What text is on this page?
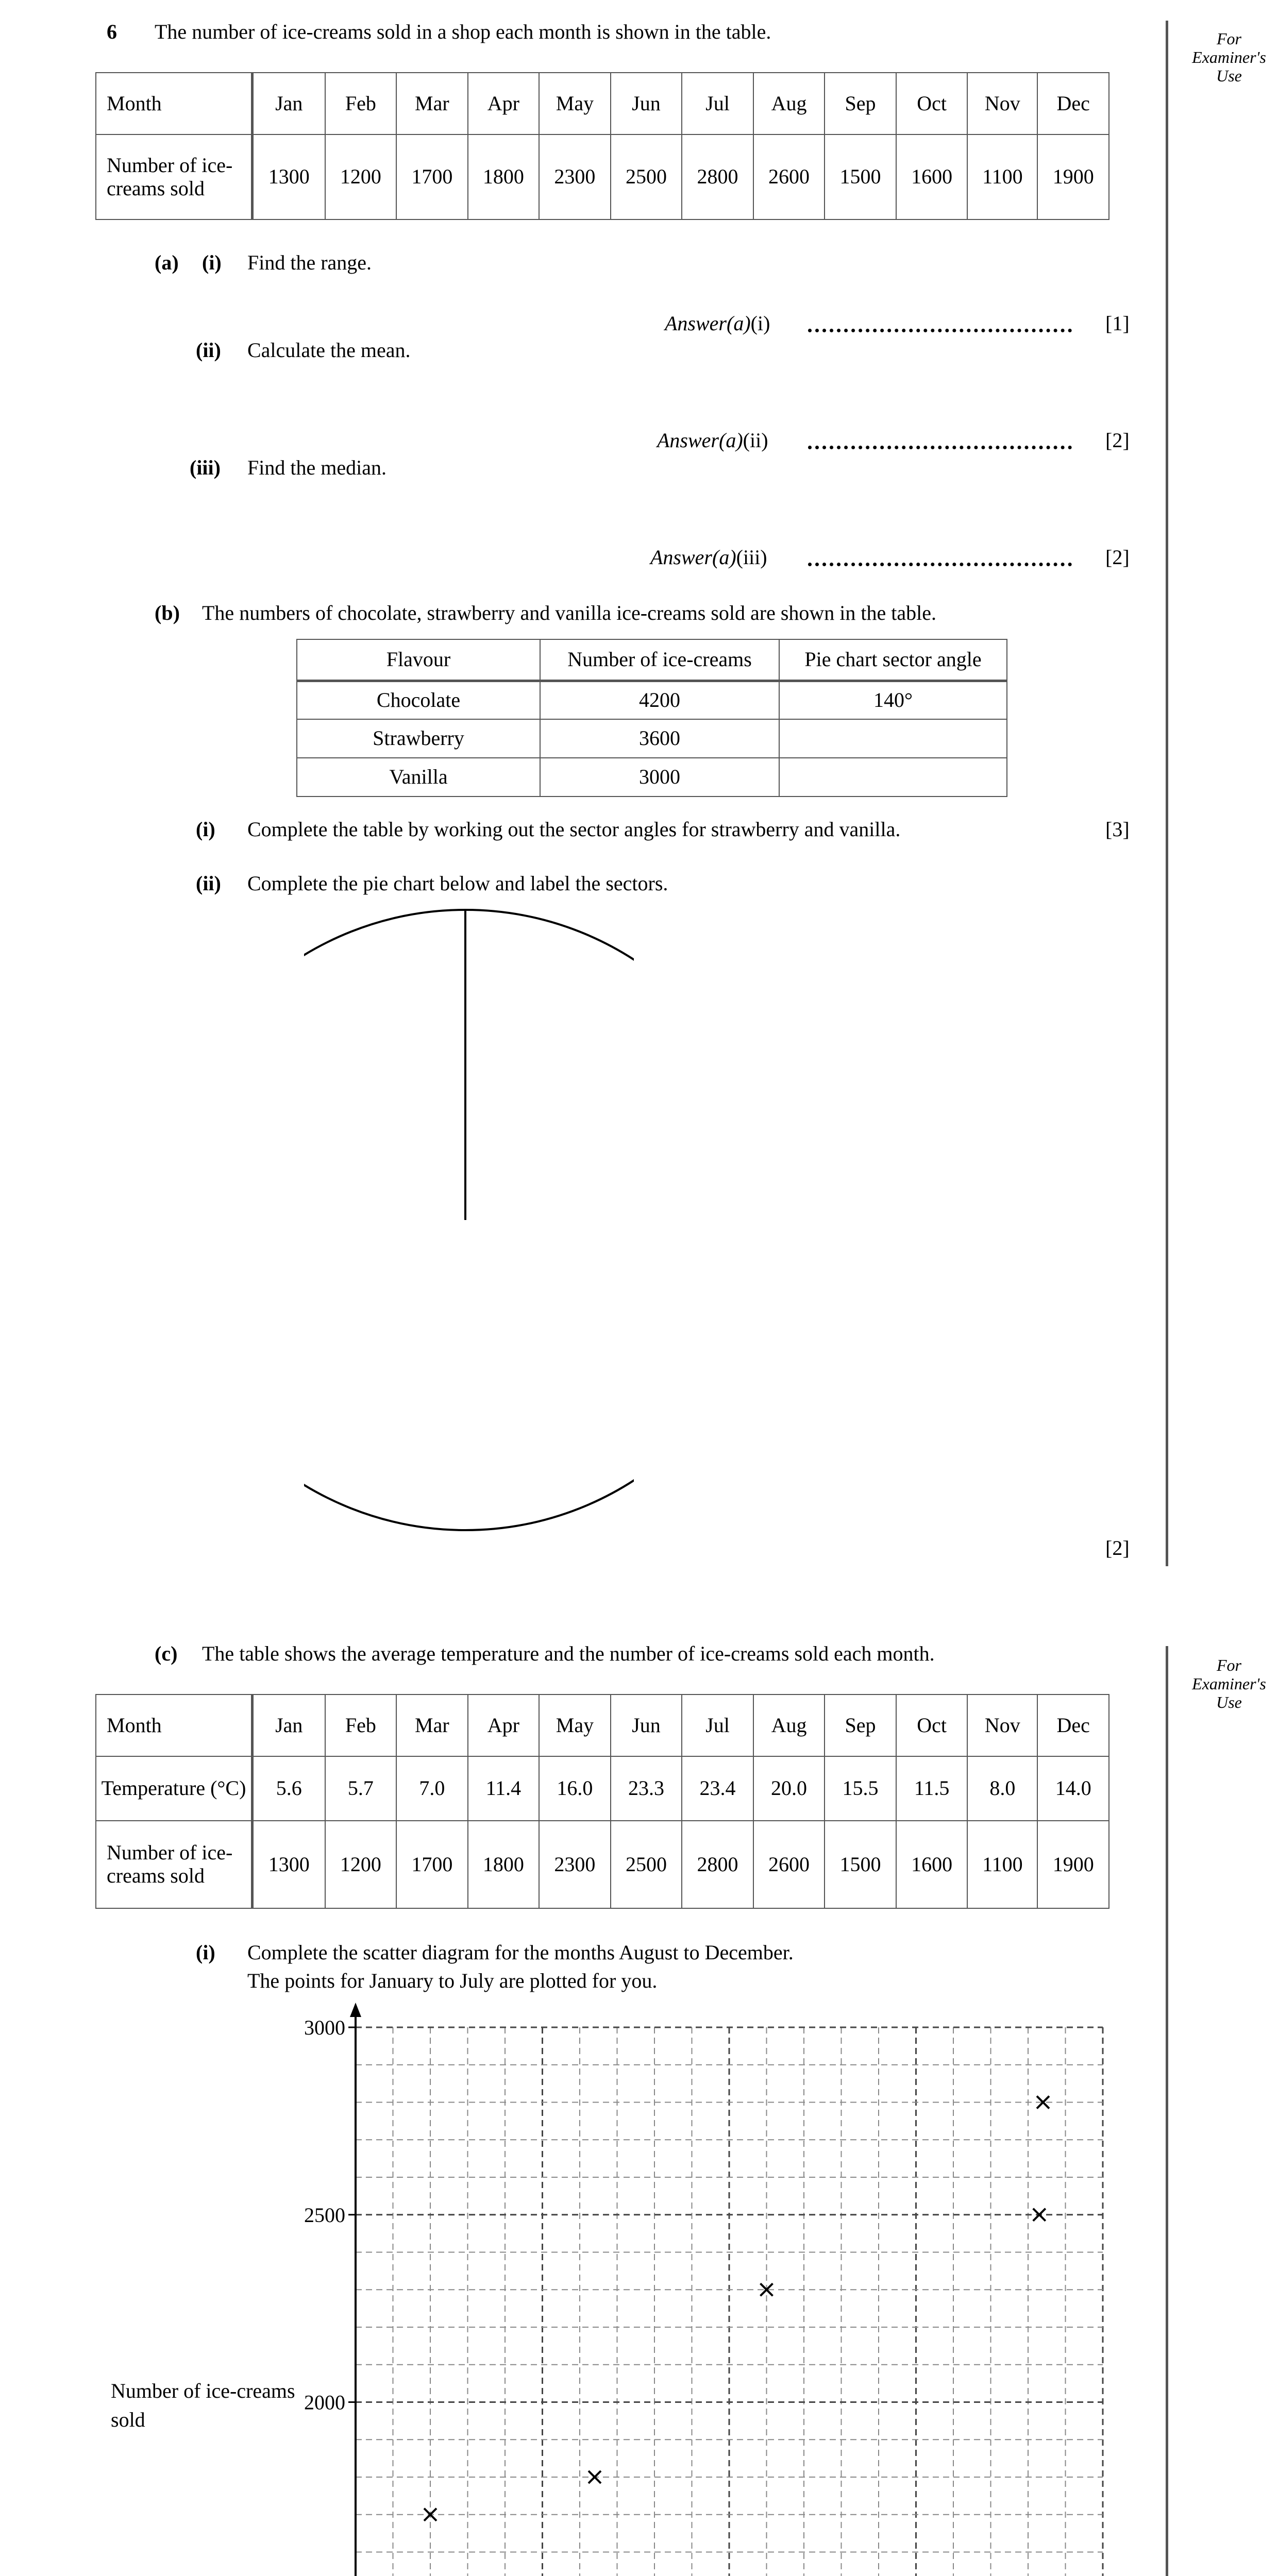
For Examiner's Use
For Examiner's Use
6 The number of ice-creams sold in a shop each month is shown in the table.
Month	Jan	Feb	Mar	Apr	May	Jun	Jul	Aug	Sep	Oct	Nov	Dec
Number of ice-creams sold	1300	1200	1700	1800	2300	2500	2800	2600	1500	1600	1100	1900
(a) (i) Find the range.
Answer(a)(i)	[1]
(ii) Calculate the mean.
Answer(a)(ii)	[2]
(iii) Find the median.
Answer(a)(iii)	[2]
(b) The numbers of chocolate, strawberry and vanilla ice-creams sold are shown in the table.
Flavour	Number of ice-creams	Pie chart sector angle
Chocolate	4200	140°
Strawberry	3600	
Vanilla	3000	
(i) Complete the table by working out the sector angles for strawberry and vanilla.	[3]
(ii) Complete the pie chart below and label the sectors.
[2]
(c) The table shows the average temperature and the number of ice-creams sold each month.
Month	Jan	Feb	Mar	Apr	May	Jun	Jul	Aug	Sep	Oct	Nov	Dec
Temperature (°C)	5.6	5.7	7.0	11.4	16.0	23.3	23.4	20.0	15.5	11.5	8.0	14.0
Number of ice-creams sold	1300	1200	1700	1800	2300	2500	2800	2600	1500	1600	1100	1900
(i) Complete the scatter diagram for the months August to December.
The points for January to July are plotted for you.
Number of ice-creams sold
2000
2500
3000
